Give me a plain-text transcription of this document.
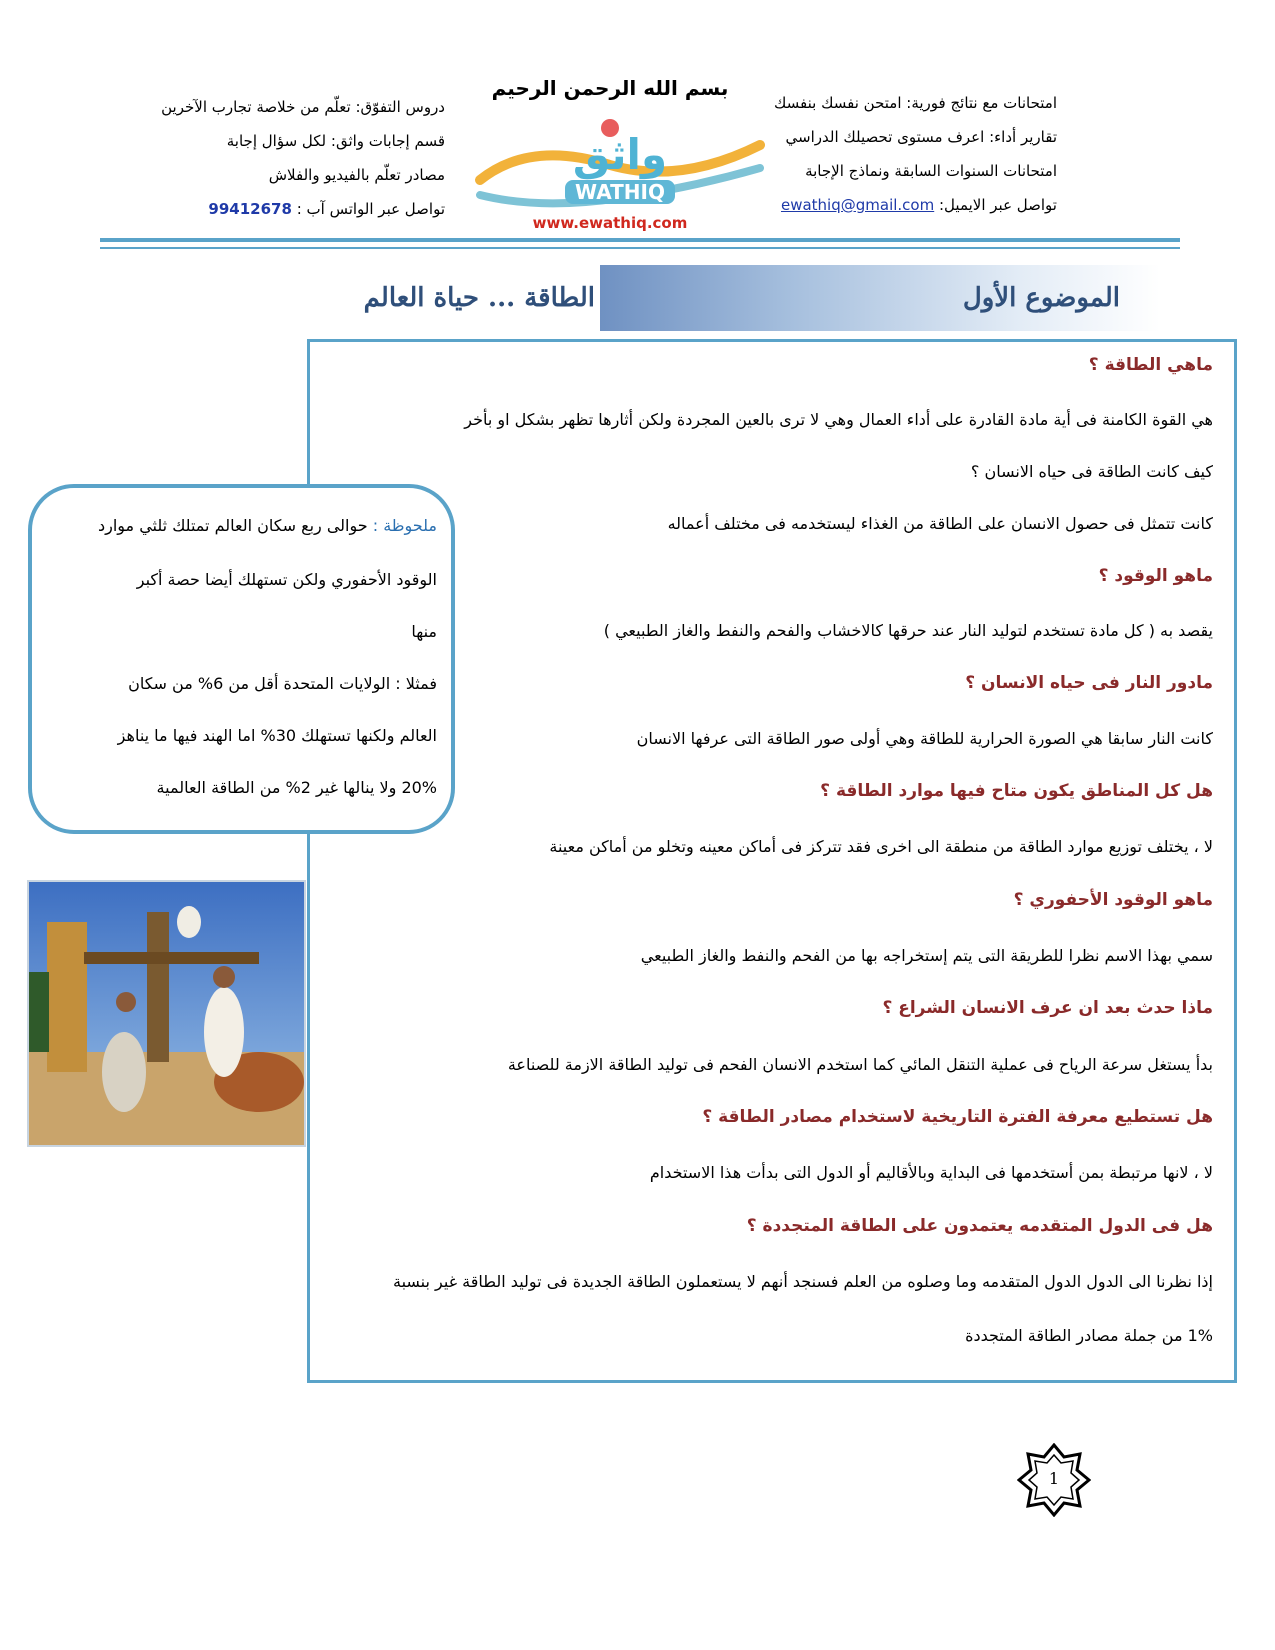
بسم الله الرحمن الرحيم
امتحانات مع نتائج فورية: امتحن نفسك بنفسك
تقارير أداء: اعرف مستوى تحصيلك الدراسي
امتحانات السنوات السابقة ونماذج الإجابة
تواصل عبر الايميل: ewathiq@gmail.com
دروس التفوّق: تعلّم من خلاصة تجارب الآخرين
قسم إجابات واثق: لكل سؤال إجابة
مصادر تعلّم بالفيديو والفلاش
تواصل عبر الواتس آب : 99412678
واثق
WATHIQ
www.ewathiq.com
الموضوع الأول
الطاقة ... حياة العالم
ماهي الطاقة ؟
هي القوة الكامنة فى أية مادة القادرة على أداء العمال وهي لا ترى بالعين المجردة ولكن أثارها تظهر بشكل او بأخر
كيف كانت الطاقة فى حياه الانسان ؟
كانت تتمثل فى حصول الانسان على الطاقة من الغذاء ليستخدمه فى مختلف أعماله
ماهو الوقود ؟
يقصد به ( كل مادة تستخدم لتوليد النار عند حرقها كالاخشاب والفحم والنفط والغاز الطبيعي )
مادور النار فى حياه الانسان ؟
كانت النار سابقا هي الصورة الحرارية للطاقة وهي أولى صور الطاقة التى عرفها الانسان
هل كل المناطق يكون متاح فيها موارد الطاقة ؟
لا ، يختلف توزيع موارد الطاقة من منطقة الى اخرى فقد تتركز فى أماكن معينه وتخلو من أماكن معينة
ماهو الوقود الأحفوري ؟
سمي بهذا الاسم نظرا للطريقة التى يتم إستخراجه بها من الفحم والنفط والغاز الطبيعي
ماذا حدث بعد ان عرف الانسان الشراع ؟
بدأ يستغل سرعة الرياح فى عملية التنقل المائي كما استخدم الانسان الفحم فى توليد الطاقة الازمة للصناعة
هل تستطيع معرفة الفترة التاريخية لاستخدام مصادر الطاقة ؟
لا ، لانها مرتبطة بمن أستخدمها فى البداية وبالأقاليم أو الدول التى بدأت هذا الاستخدام
هل فى الدول المتقدمه يعتمدون على الطاقة المتجددة ؟
إذا نظرنا الى الدول الدول المتقدمه وما وصلوه من العلم فسنجد أنهم لا يستعملون الطاقة الجديدة فى توليد الطاقة غير بنسبة
1% من جملة مصادر الطاقة المتجددة
ملحوظة : حوالى ربع سكان العالم تمتلك ثلثي موارد
الوقود الأحفوري ولكن تستهلك أيضا حصة أكبر
منها
فمثلا : الولايات المتحدة أقل من 6% من سكان
العالم ولكنها تستهلك 30% اما الهند فيها ما يناهز
20% ولا ينالها غير 2% من الطاقة العالمية
1
